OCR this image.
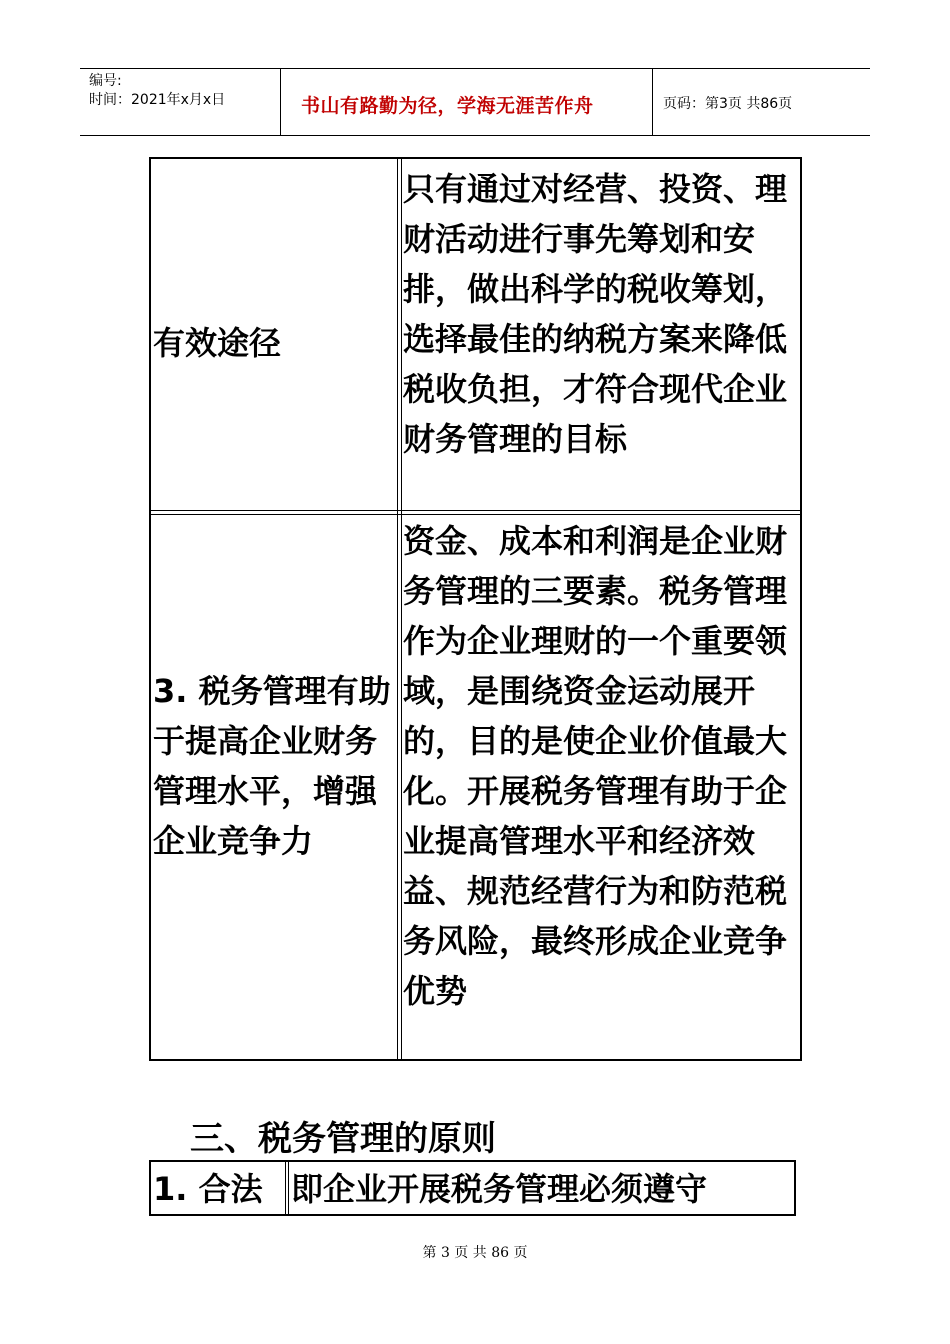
编号:
时间：2021年x月x日	书山有路勤为径，学海无涯苦作舟	页码：第3页 共86页
有效途径
只有通过对经营、投资、理财活动进行事先筹划和安排，做出科学的税收筹划，选择最佳的纳税方案来降低税收负担，才符合现代企业财务管理的目标
3. 税务管理有助于提高企业财务管理水平，增强企业竞争力
资金、成本和利润是企业财务管理的三要素。税务管理作为企业理财的一个重要领域，是围绕资金运动展开的，目的是使企业价值最大化。开展税务管理有助于企业提高管理水平和经济效益、规范经营行为和防范税务风险，最终形成企业竞争优势
三、税务管理的原则
1. 合法 即企业开展税务管理必须遵守
第 3 页 共 86 页
